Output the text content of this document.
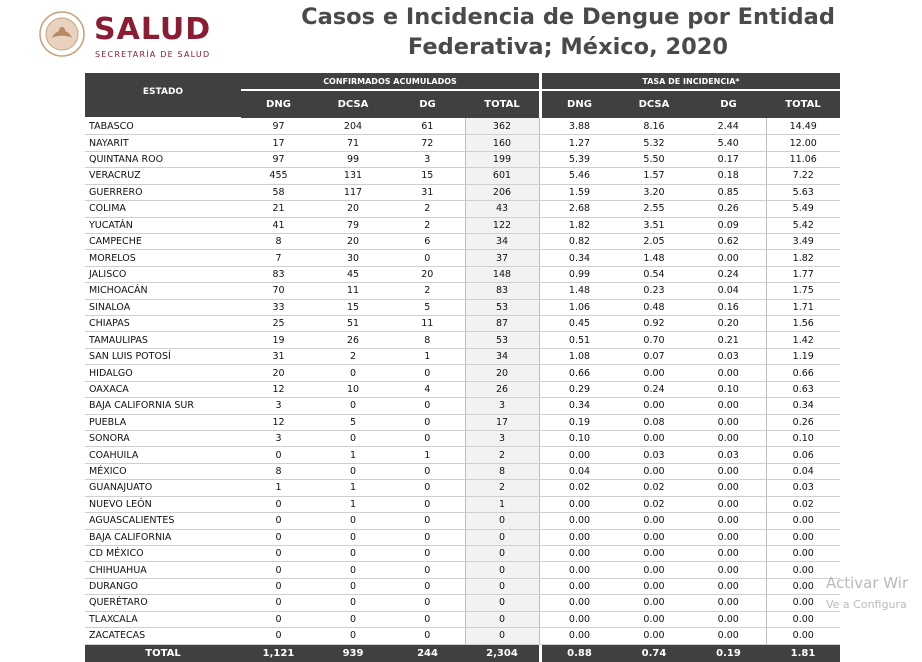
SALUD
SECRETARÍA DE SALUD
Casos e Incidencia de Dengue por Entidad
Federativa; México, 2020
ESTADO	CONFIRMADOS ACUMULADOS					TASA DE INCIDENCIA*			
	DNG	DCSA	DG	TOTAL		DNG	DCSA	DG	TOTAL
TABASCO	97	204	61	362		3.88	8.16	2.44	14.49
NAYARIT	17	71	72	160		1.27	5.32	5.40	12.00
QUINTANA ROO	97	99	3	199		5.39	5.50	0.17	11.06
VERACRUZ	455	131	15	601		5.46	1.57	0.18	7.22
GUERRERO	58	117	31	206		1.59	3.20	0.85	5.63
COLIMA	21	20	2	43		2.68	2.55	0.26	5.49
YUCATÁN	41	79	2	122		1.82	3.51	0.09	5.42
CAMPECHE	8	20	6	34		0.82	2.05	0.62	3.49
MORELOS	7	30	0	37		0.34	1.48	0.00	1.82
JALISCO	83	45	20	148		0.99	0.54	0.24	1.77
MICHOACÁN	70	11	2	83		1.48	0.23	0.04	1.75
SINALOA	33	15	5	53		1.06	0.48	0.16	1.71
CHIAPAS	25	51	11	87		0.45	0.92	0.20	1.56
TAMAULIPAS	19	26	8	53		0.51	0.70	0.21	1.42
SAN LUIS POTOSÍ	31	2	1	34		1.08	0.07	0.03	1.19
HIDALGO	20	0	0	20		0.66	0.00	0.00	0.66
OAXACA	12	10	4	26		0.29	0.24	0.10	0.63
BAJA CALIFORNIA SUR	3	0	0	3		0.34	0.00	0.00	0.34
PUEBLA	12	5	0	17		0.19	0.08	0.00	0.26
SONORA	3	0	0	3		0.10	0.00	0.00	0.10
COAHUILA	0	1	1	2		0.00	0.03	0.03	0.06
MÉXICO	8	0	0	8		0.04	0.00	0.00	0.04
GUANAJUATO	1	1	0	2		0.02	0.02	0.00	0.03
NUEVO LEÓN	0	1	0	1		0.00	0.02	0.00	0.02
AGUASCALIENTES	0	0	0	0		0.00	0.00	0.00	0.00
BAJA CALIFORNIA	0	0	0	0		0.00	0.00	0.00	0.00
CD MÉXICO	0	0	0	0		0.00	0.00	0.00	0.00
CHIHUAHUA	0	0	0	0		0.00	0.00	0.00	0.00
DURANGO	0	0	0	0		0.00	0.00	0.00	0.00
QUERÉTARO	0	0	0	0		0.00	0.00	0.00	0.00
TLAXCALA	0	0	0	0		0.00	0.00	0.00	0.00
ZACATECAS	0	0	0	0		0.00	0.00	0.00	0.00
TOTAL	1,121	939	244	2,304		0.88	0.74	0.19	1.81
Activar Wir
Ve a Configura
